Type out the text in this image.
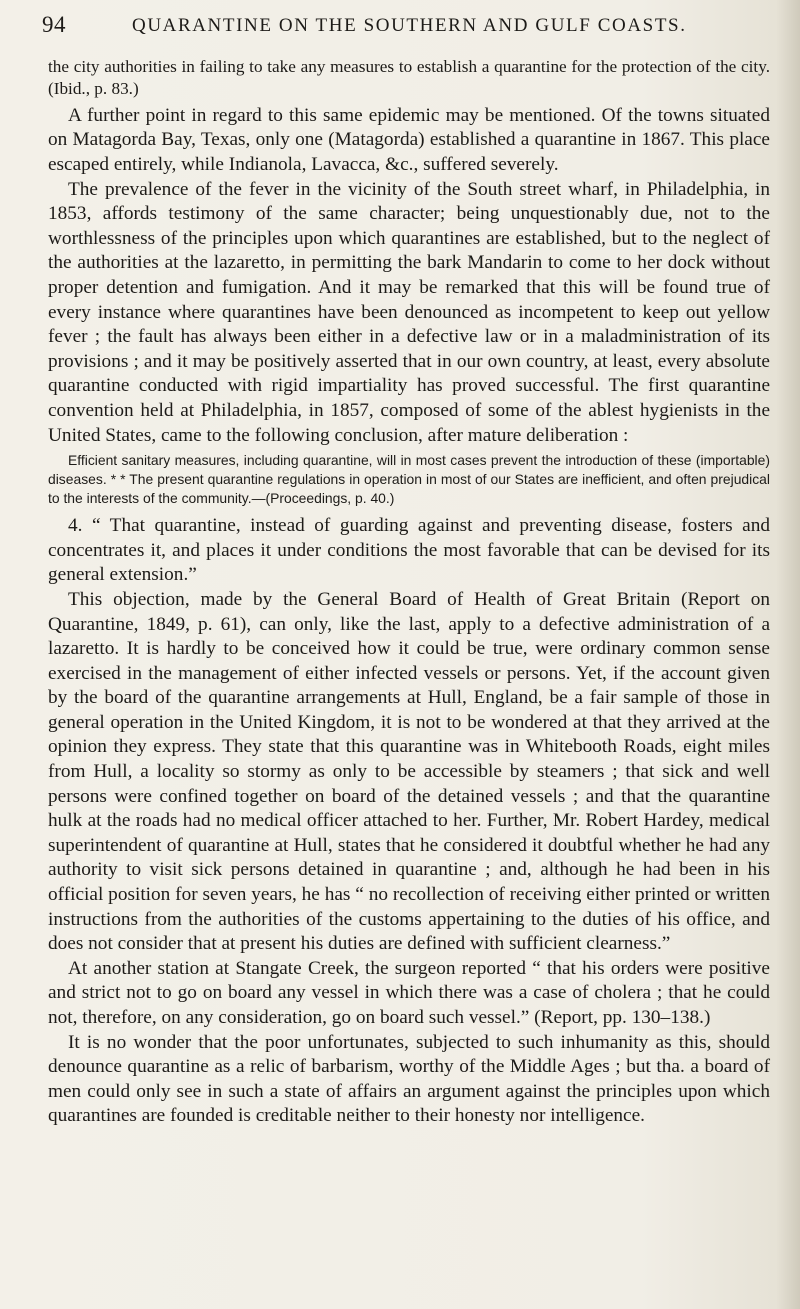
94	QUARANTINE ON THE SOUTHERN AND GULF COASTS.

the city authorities in failing to take any measures to establish a quarantine for the protection of the city. (Ibid., p. 83.)

A further point in regard to this same epidemic may be mentioned. Of the towns situated on Matagorda Bay, Texas, only one (Matagorda) established a quarantine in 1867. This place escaped entirely, while Indianola, Lavacca, &c., suffered severely.

The prevalence of the fever in the vicinity of the South street wharf, in Philadelphia, in 1853, affords testimony of the same character; being unquestionably due, not to the worthlessness of the principles upon which quarantines are established, but to the neglect of the authorities at the lazaretto, in permitting the bark Mandarin to come to her dock without proper detention and fumigation. And it may be remarked that this will be found true of every instance where quarantines have been denounced as incompetent to keep out yellow fever ; the fault has always been either in a defective law or in a maladministration of its provisions ; and it may be positively asserted that in our own country, at least, every absolute quarantine conducted with rigid impartiality has proved successful. The first quarantine convention held at Philadelphia, in 1857, composed of some of the ablest hygienists in the United States, came to the following conclusion, after mature deliberation :

Efficient sanitary measures, including quarantine, will in most cases prevent the introduction of these (importable) diseases. * * The present quarantine regulations in operation in most of our States are inefficient, and often prejudical to the interests of the community.—(Proceedings, p. 40.)

4. “ That quarantine, instead of guarding against and preventing disease, fosters and concentrates it, and places it under conditions the most favorable that can be devised for its general extension.”

This objection, made by the General Board of Health of Great Britain (Report on Quarantine, 1849, p. 61), can only, like the last, apply to a defective administration of a lazaretto. It is hardly to be conceived how it could be true, were ordinary common sense exercised in the management of either infected vessels or persons. Yet, if the account given by the board of the quarantine arrangements at Hull, England, be a fair sample of those in general operation in the United Kingdom, it is not to be wondered at that they arrived at the opinion they express. They state that this quarantine was in Whitebooth Roads, eight miles from Hull, a locality so stormy as only to be accessible by steamers ; that sick and well persons were confined together on board of the detained vessels ; and that the quarantine hulk at the roads had no medical officer attached to her. Further, Mr. Robert Hardey, medical superintendent of quarantine at Hull, states that he considered it doubtful whether he had any authority to visit sick persons detained in quarantine ; and, although he had been in his official position for seven years, he has “ no recollection of receiving either printed or written instructions from the authorities of the customs appertaining to the duties of his office, and does not consider that at present his duties are defined with sufficient clearness.”

At another station at Stangate Creek, the surgeon reported “ that his orders were positive and strict not to go on board any vessel in which there was a case of cholera ; that he could not, therefore, on any consideration, go on board such vessel.” (Report, pp. 130–138.)

It is no wonder that the poor unfortunates, subjected to such inhumanity as this, should denounce quarantine as a relic of barbarism, worthy of the Middle Ages ; but tha. a board of men could only see in such a state of affairs an argument against the principles upon which quarantines are founded is creditable neither to their honesty nor intelligence.
